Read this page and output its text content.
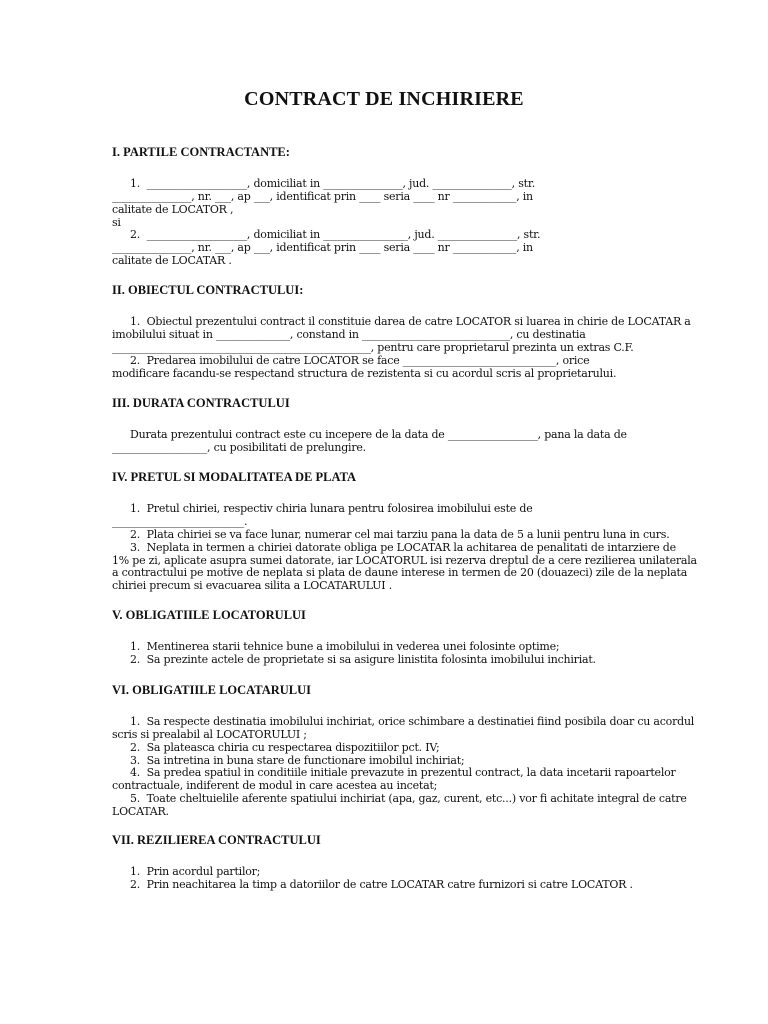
CONTRACT DE INCHIRIERE
I. PARTILE CONTRACTANTE:
1.  ___________________, domiciliat in _______________, jud. _______________, str.
_______________, nr. ___, ap ___, identificat prin ____ seria ____ nr ____________, in
calitate de LOCATOR ,
si
2.  ___________________, domiciliat in ________________, jud. _______________, str.
_______________, nr. ___, ap ___, identificat prin ____ seria ____ nr ____________, in
calitate de LOCATAR .
II. OBIECTUL CONTRACTULUI:
1.  Obiectul prezentului contract il constituie darea de catre LOCATOR si luarea in chirie de LOCATAR a
imobilului situat in ______________, constand in ____________________________, cu destinatia
_________________________________________________, pentru care proprietarul prezinta un extras C.F.
2.  Predarea imobilului de catre LOCATOR se face _____________________________, orice
modificare facandu-se respectand structura de rezistenta si cu acordul scris al proprietarului.
III. DURATA CONTRACTULUI
Durata prezentului contract este cu incepere de la data de _________________, pana la data de
__________________, cu posibilitati de prelungire.
IV. PRETUL SI MODALITATEA DE PLATA
1.  Pretul chiriei, respectiv chiria lunara pentru folosirea imobilului este de
_________________________.
2.  Plata chiriei se va face lunar, numerar cel mai tarziu pana la data de 5 a lunii pentru luna in curs.
3.  Neplata in termen a chiriei datorate obliga pe LOCATAR la achitarea de penalitati de intarziere de
1% pe zi, aplicate asupra sumei datorate, iar LOCATORUL isi rezerva dreptul de a cere rezilierea unilaterala
a contractului pe motive de neplata si plata de daune interese in termen de 20 (douazeci) zile de la neplata
chiriei precum si evacuarea silita a LOCATARULUI .
V. OBLIGATIILE LOCATORULUI
1.  Mentinerea starii tehnice bune a imobilului in vederea unei folosinte optime;
2.  Sa prezinte actele de proprietate si sa asigure linistita folosinta imobilului inchiriat.
VI. OBLIGATIILE LOCATARULUI
1.  Sa respecte destinatia imobilului inchiriat, orice schimbare a destinatiei fiind posibila doar cu acordul
scris si prealabil al LOCATORULUI ;
2.  Sa plateasca chiria cu respectarea dispozitiilor pct. IV;
3.  Sa intretina in buna stare de functionare imobilul inchiriat;
4.  Sa predea spatiul in conditiile initiale prevazute in prezentul contract, la data incetarii rapoartelor
contractuale, indiferent de modul in care acestea au incetat;
5.  Toate cheltuielile aferente spatiului inchiriat (apa, gaz, curent, etc...) vor fi achitate integral de catre
LOCATAR.
VII. REZILIEREA CONTRACTULUI
1.  Prin acordul partilor;
2.  Prin neachitarea la timp a datoriilor de catre LOCATAR catre furnizori si catre LOCATOR .
